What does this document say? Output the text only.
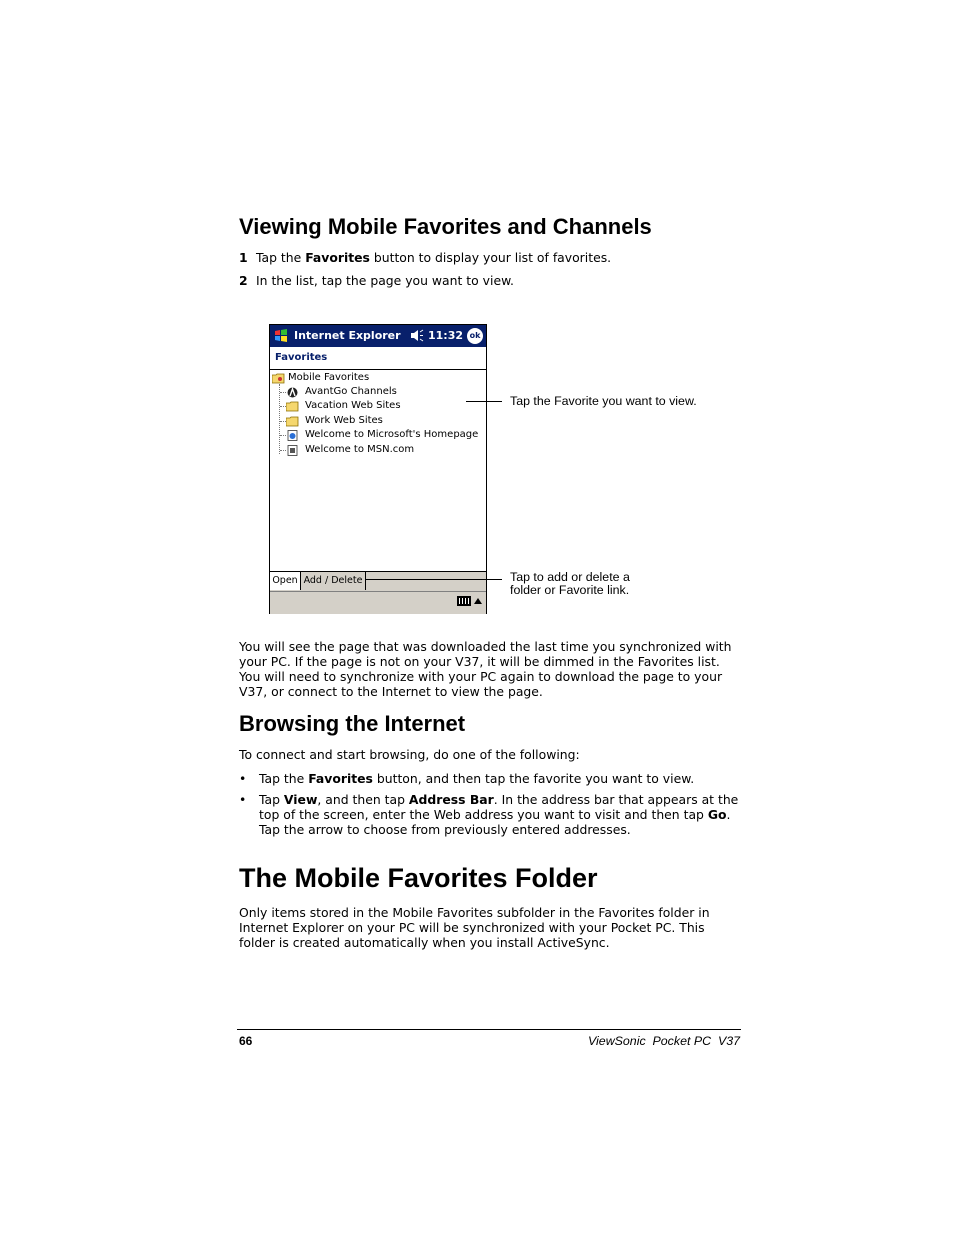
Viewing Mobile Favorites and Channels
1 Tap the Favorites button to display your list of favorites.
2 In the list, tap the page you want to view.
Internet Explorer 11:32 ok
Favorites
Mobile Favorites
AvantGo Channels
Vacation Web Sites
Work Web Sites
Welcome to Microsoft's Homepage
Welcome to MSN.com
Open Add / Delete
Tap the Favorite you want to view.
Tap to add or delete a
folder or Favorite link.

You will see the page that was downloaded the last time you synchronized with your PC. If the page is not on your V37, it will be dimmed in the Favorites list. You will need to synchronize with your PC again to download the page to your V37, or connect to the Internet to view the page.

Browsing the Internet

To connect and start browsing, do one of the following:

• Tap the Favorites button, and then tap the favorite you want to view.
• Tap View, and then tap Address Bar. In the address bar that appears at the top of the screen, enter the Web address you want to visit and then tap Go. Tap the arrow to choose from previously entered addresses.
The Mobile Favorites Folder

Only items stored in the Mobile Favorites subfolder in the Favorites folder in Internet Explorer on your PC will be synchronized with your Pocket PC. This folder is created automatically when you install ActiveSync.

66	ViewSonic  Pocket PC  V37
